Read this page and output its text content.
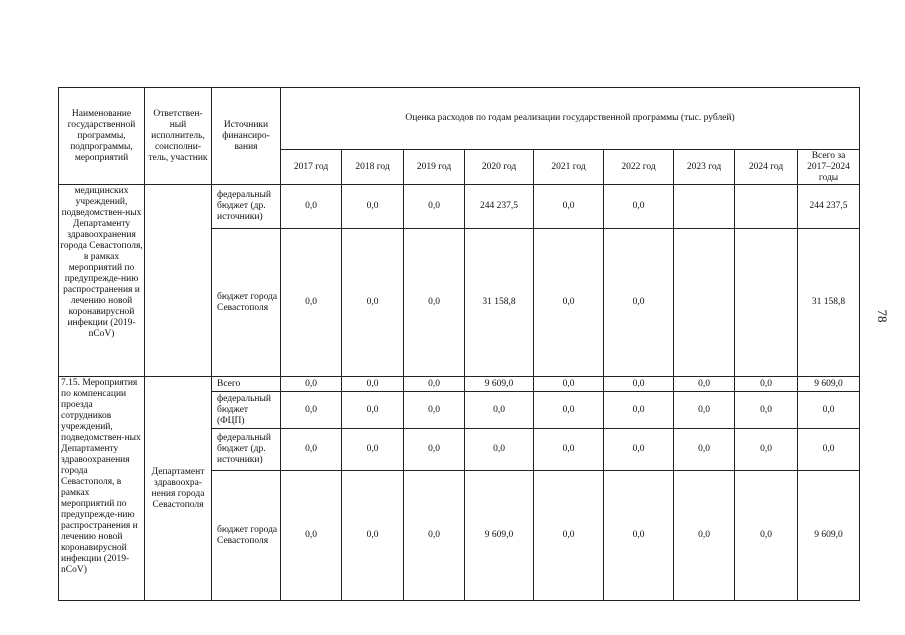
Наименование государственной программы, подпрограммы, мероприятий	Ответствен-ный исполнитель, соисполни-тель, участник	Источники финансиро-вания	Оценка расходов по годам реализации государственной программы (тыс. рублей)								
			2017 год	2018 год	2019 год	2020 год	2021 год	2022 год	2023 год	2024 год	Всего за 2017–2024 годы
медицинских учреждений, подведомствен-ных Департаменту здравоохранения города Севастополя, в рамках мероприятий по предупрежде-нию распространения и лечению новой коронавирусной инфекции (2019-nCoV)		федеральный бюджет (др. источники)	0,0	0,0	0,0	244 237,5	0,0	0,0			244 237,5
		бюджет города Севастополя	0,0	0,0	0,0	31 158,8	0,0	0,0			31 158,8
7.15. Мероприятия по компенсации проезда сотрудников учреждений, подведомствен-ных Департаменту здравоохранения города Севастополя, в рамках мероприятий по предупрежде-нию распространения и лечению новой коронавирусной инфекции (2019-nCoV)	Департамент здравоохра-нения города Севастополя	Всего	0,0	0,0	0,0	9 609,0	0,0	0,0	0,0	0,0	9 609,0
		федеральный бюджет (ФЦП)	0,0	0,0	0,0	0,0	0,0	0,0	0,0	0,0	0,0
		федеральный бюджет (др. источники)	0,0	0,0	0,0	0,0	0,0	0,0	0,0	0,0	0,0
		бюджет города Севастополя	0,0	0,0	0,0	9 609,0	0,0	0,0	0,0	0,0	9 609,0
78
